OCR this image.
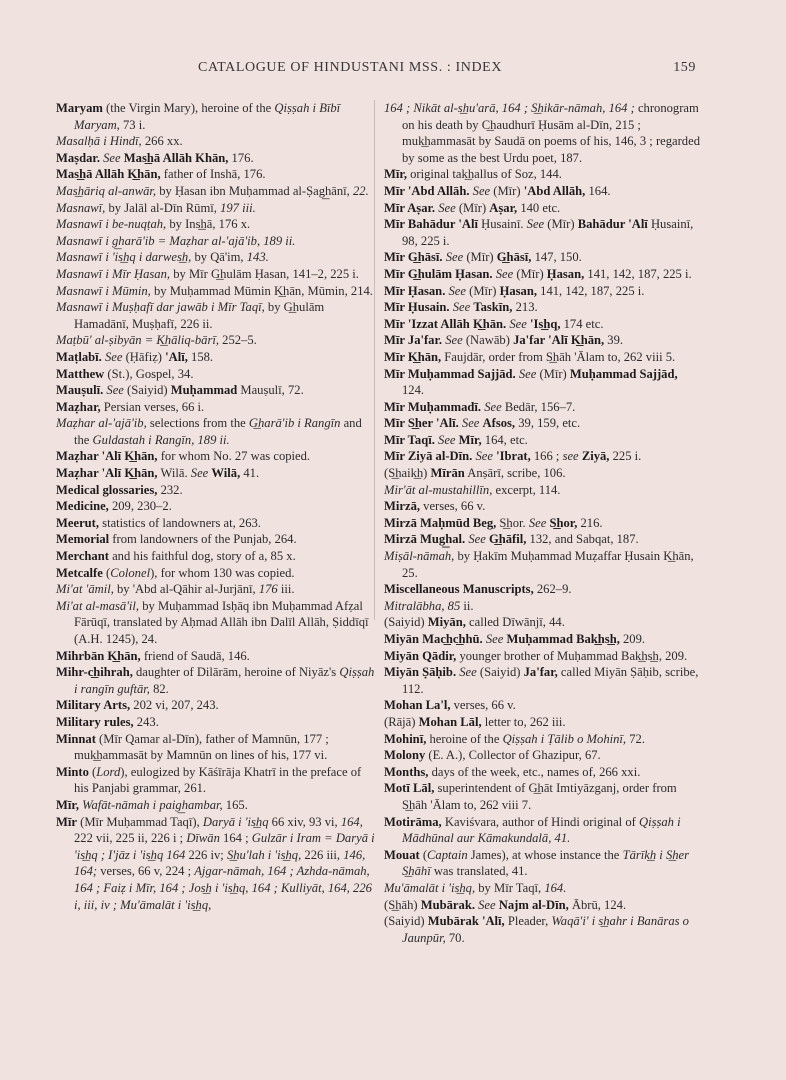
CATALOGUE OF HINDUSTANI MSS. : INDEX	159

Maryam (the Virgin Mary), heroine of the Qiṣṣah i Bībī Maryam, 73 i.

Masalḥā i Hindī, 266 xx.

Maṣdar. See Mas͟hā Allāh Khān, 176.

Mas͟hā Allāh K͟hān, father of Inshā, 176.

Mas͟hāriq al-anwār, by Ḥasan ibn Muḥammad al-Ṣag͟hānī, 22.

Masnawī, by Jalāl al-Dīn Rūmī, 197 iii.

Masnawī i be-nuqṭah, by Ins͟hā, 176 x.

Masnawī i g͟harā'ib = Maẓhar al-'ajā'ib, 189 ii.

Masnawī i 'is͟hq i darwes͟h, by Qā'im, 143.

Masnawī i Mīr Ḥasan, by Mīr G͟hulām Ḥasan, 141–2, 225 i.

Masnawī i Mūmin, by Muḥammad Mūmin K͟hān, Mūmin, 214.

Masnawī i Muṣḥafī dar jawāb i Mīr Taqī, by G͟hulām Hamadānī, Muṣḥafī, 226 ii.

Maṭbū' al-ṣibyān = K͟hāliq-bārī, 252–5.

Maṭlabī. See (Ḥāfiẓ) 'Alī, 158.

Matthew (St.), Gospel, 34.

Mauṣulī. See (Saiyid) Muḥammad Mauṣulī, 72.

Maẓhar, Persian verses, 66 i.

Maẓhar al-'ajā'ib, selections from the G͟harā'ib i Rangīn and the Guldastah i Rangīn, 189 ii.

Maẓhar 'Alī K͟hān, for whom No. 27 was copied.

Maẓhar 'Alī K͟hān, Wilā. See Wilā, 41.

Medical glossaries, 232.

Medicine, 209, 230–2.

Meerut, statistics of landowners at, 263.

Memorial from landowners of the Punjab, 264.

Merchant and his faithful dog, story of a, 85 x.

Metcalfe (Colonel), for whom 130 was copied.

Mi'at 'āmil, by 'Abd al-Qāhir al-Jurjānī, 176 iii.

Mi'at al-masā'il, by Muḥammad Isḥāq ibn Muḥammad Afẓal Fārūqī, translated by Aḥmad Allāh ibn Dalīl Allāh, Ṣiddīqī (A.H. 1245), 24.

Mihrbān K͟hān, friend of Saudā, 146.

Mihr-c͟hihrah, daughter of Dilārām, heroine of Niyāz's Qiṣṣah i rangīn guftār, 82.

Military Arts, 202 vi, 207, 243.

Military rules, 243.

Minnat (Mīr Qamar al-Dīn), father of Mamnūn, 177 ; muk͟hammasāt by Mamnūn on lines of his, 177 vi.

Minto (Lord), eulogized by Kāśīrāja Khatrī in the preface of his Panjabi grammar, 261.

Mīr, Wafāt-nāmah i paig͟hambar, 165.

Mīr (Mīr Muḥammad Taqī), Daryā i 'is͟hq 66 xiv, 93 vi, 164, 222 vii, 225 ii, 226 i ; Dīwān 164 ; Gulzār i Iram = Daryā i 'is͟hq ; I'jāz i 'is͟hq 164 226 iv; S͟hu'lah i 'is͟hq, 226 iii, 146, 164; verses, 66 v, 224 ; Ajgar-nāmah, 164 ; Azhda-nāmah, 164 ; Faiẓ i Mīr, 164 ; Jos͟h i 'is͟hq, 164 ; Kulliyāt, 164, 226 i, iii, iv ; Mu'āmalāt i 'is͟hq,

164 ; Nikāt al-s͟hu'arā, 164 ; S͟hikār-nāmah, 164 ; chronogram on his death by C͟haudhurī Ḥusām al-Dīn, 215 ; muk͟hammasāt by Saudā on poems of his, 146, 3 ; regarded by some as the best Urdu poet, 187.

Mīr, original tak͟hallus of Soz, 144.

Mīr 'Abd Allāh. See (Mīr) 'Abd Allāh, 164.

Mīr Aṣar. See (Mīr) Aṣar, 140 etc.

Mīr Bahādur 'Alī Ḥusainī. See (Mīr) Bahādur 'Alī Ḥusainī, 98, 225 i.

Mīr G͟hāsī. See (Mīr) G͟hāsī, 147, 150.

Mīr G͟hulām Ḥasan. See (Mīr) Ḥasan, 141, 142, 187, 225 i.

Mīr Ḥasan. See (Mīr) Ḥasan, 141, 142, 187, 225 i.

Mīr Ḥusain. See Taskīn, 213.

Mīr 'Izzat Allāh K͟hān. See 'Is͟hq, 174 etc.

Mīr Ja'far. See (Nawāb) Ja'far 'Alī K͟hān, 39.

Mīr K͟hān, Faujdār, order from S͟hāh 'Ālam to, 262 viii 5.

Mīr Muḥammad Sajjād. See (Mīr) Muḥammad Sajjād, 124.

Mīr Muḥammadī. See Bedār, 156–7.

Mīr S͟her 'Alī. See Afsos, 39, 159, etc.

Mīr Taqī. See Mīr, 164, etc.

Mīr Ziyā al-Dīn. See 'Ibrat, 166 ; see Ziyā, 225 i.

(S͟haik͟h) Mīrān Anṣārī, scribe, 106.

Mir'āt al-mustahillīn, excerpt, 114.

Mirzā, verses, 66 v.

Mirzā Maḥmūd Beg, S͟hor. See S͟hor, 216.

Mirzā Mug͟hal. See G͟hāfil, 132, and Sabqat, 187.

Miṣāl-nāmah, by Ḥakīm Muḥammad Muẓaffar Ḥusain K͟hān, 25.

Miscellaneous Manuscripts, 262–9.

Mitralābha, 85 ii.

(Saiyid) Miyān, called Dīwānjī, 44.

Miyān Mac͟hc͟hhū. See Muḥammad Bak͟hs͟h, 209.

Miyān Qādir, younger brother of Muḥammad Bak͟hs͟h, 209.

Miyān Ṣāḥib. See (Saiyid) Ja'far, called Miyān Ṣāḥib, scribe, 112.

Mohan La'l, verses, 66 v.

(Rājā) Mohan Lāl, letter to, 262 iii.

Mohinī, heroine of the Qiṣṣah i Ṭālib o Mohinī, 72.

Molony (E. A.), Collector of Ghazipur, 67.

Months, days of the week, etc., names of, 266 xxi.

Motī Lāl, superintendent of G͟hāt Imtiyāzganj, order from S͟hāh 'Ālam to, 262 viii 7.

Motirāma, Kaviśvara, author of Hindi original of Qiṣṣah i Mādhūnal aur Kāmakundalā, 41.

Mouat (Captain James), at whose instance the Tārīk͟h i S͟her S͟hāhī was translated, 41.

Mu'āmalāt i 'is͟hq, by Mīr Taqī, 164.

(S͟hāh) Mubārak. See Najm al-Dīn, Ābrū, 124.

(Saiyid) Mubārak 'Alī, Pleader, Waqā'i' i s͟hahr i Banāras o Jaunpūr, 70.
